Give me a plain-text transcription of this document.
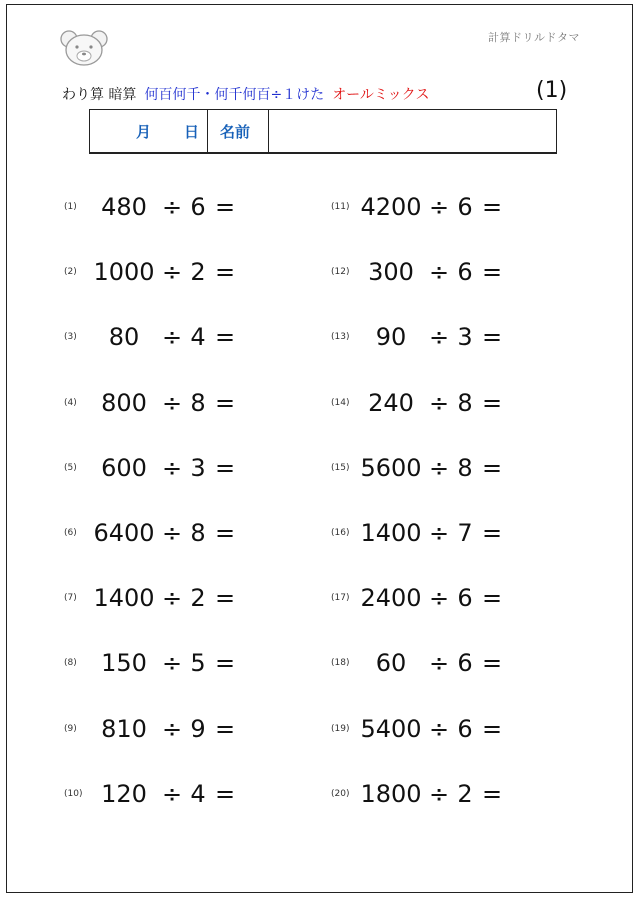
計算ドリルドタマ
わり算 暗算 何百何千・何千何百÷１けた オールミックス	(1)
月 日 名前
(1)	480 ÷ 6 =
(2) 1000 ÷ 2 =
(3)	80 ÷ 4 =
(4)	800 ÷ 8 =
(5)	600 ÷ 3 =
(6) 6400 ÷ 8 =
(7) 1400 ÷ 2 =
(8)	150 ÷ 5 =
(9)	810 ÷ 9 =
(10) 120 ÷ 4 =
(11) 4200 ÷ 6 =
(12) 300 ÷ 6 =
(13)	90 ÷ 3 =
(14) 240 ÷ 8 =
(15) 5600 ÷ 8 =
(16) 1400 ÷ 7 =
(17) 2400 ÷ 6 =
(18)	60 ÷ 6 =
(19) 5400 ÷ 6 =
(20) 1800 ÷ 2 =
